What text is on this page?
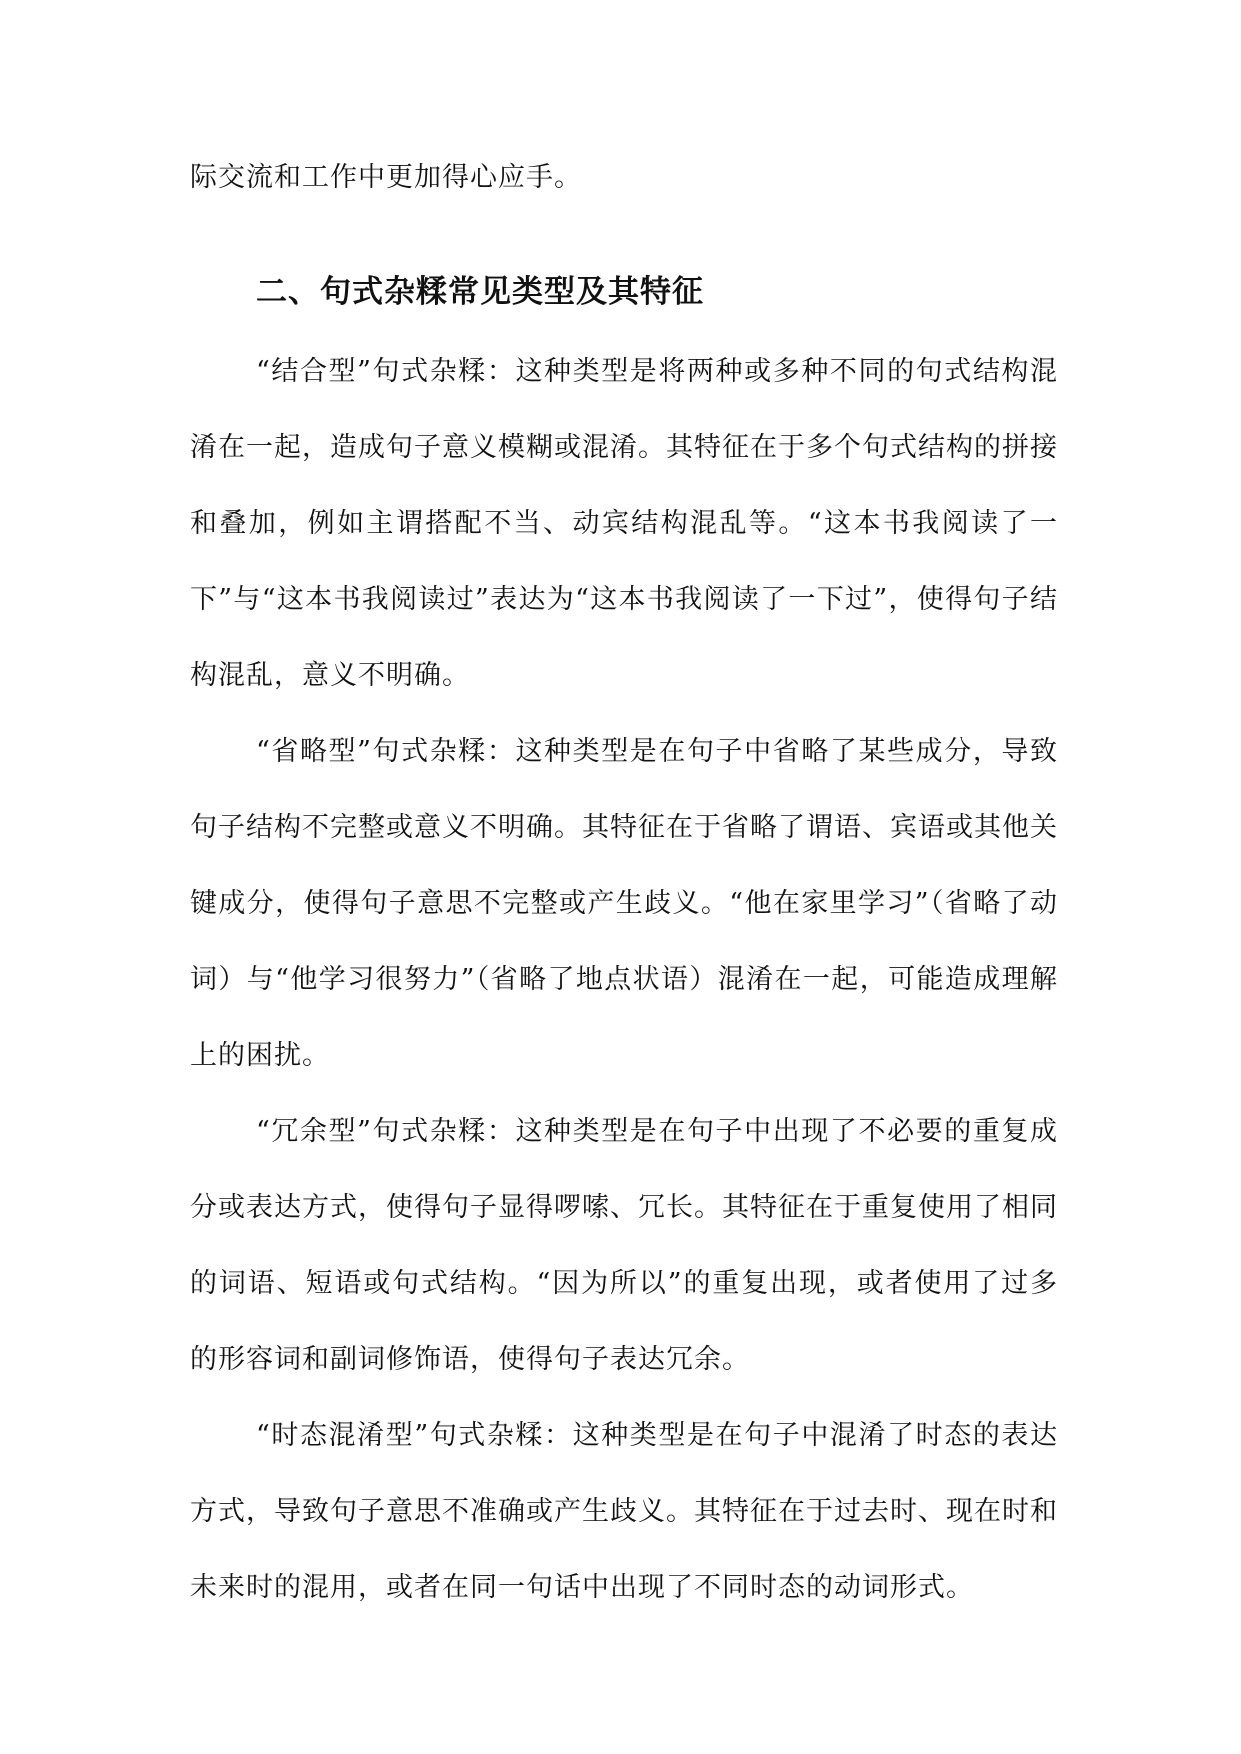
际交流和工作中更加得心应手。

二、句式杂糅常见类型及其特征

“结合型”句式杂糅：这种类型是将两种或多种不同的句式结构混淆在一起，造成句子意义模糊或混淆。其特征在于多个句式结构的拼接和叠加，例如主谓搭配不当、动宾结构混乱等。“这本书我阅读了一下”与“这本书我阅读过”表达为“这本书我阅读了一下过”，使得句子结构混乱，意义不明确。

“省略型”句式杂糅：这种类型是在句子中省略了某些成分，导致句子结构不完整或意义不明确。其特征在于省略了谓语、宾语或其他关键成分，使得句子意思不完整或产生歧义。“他在家里学习”（省略了动词）与“他学习很努力”（省略了地点状语）混淆在一起，可能造成理解上的困扰。

“冗余型”句式杂糅：这种类型是在句子中出现了不必要的重复成分或表达方式，使得句子显得啰嗦、冗长。其特征在于重复使用了相同的词语、短语或句式结构。“因为所以”的重复出现，或者使用了过多的形容词和副词修饰语，使得句子表达冗余。

“时态混淆型”句式杂糅：这种类型是在句子中混淆了时态的表达方式，导致句子意思不准确或产生歧义。其特征在于过去时、现在时和未来时的混用，或者在同一句话中出现了不同时态的动词形式。
